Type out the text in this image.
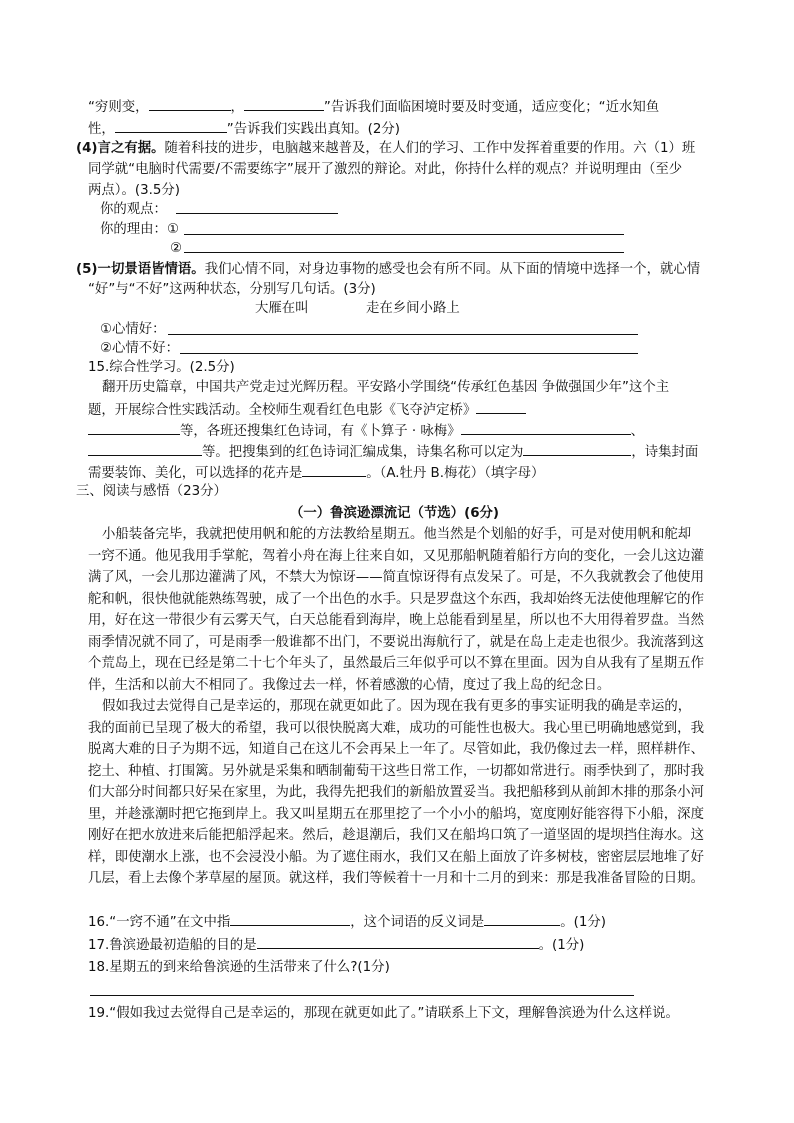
“穷则变，	，	”告诉我们面临困境时要及时变通，适应变化；“近水知鱼
性，	”告诉我们实践出真知。(2分)
(4)言之有据。随着科技的进步，电脑越来越普及，在人们的学习、工作中发挥着重要的作用。六（1）班
同学就“电脑时代需要/不需要练字”展开了激烈的辩论。对此，你持什么样的观点？并说明理由（至少
两点）。(3.5分)
你的观点：
你的理由：①
②
(5)一切景语皆情语。我们心情不同，对身边事物的感受也会有所不同。从下面的情境中选择一个，就心情
“好”与“不好”这两种状态，分别写几句话。(3分)
大雁在叫	走在乡间小路上
①心情好：
②心情不好：
15.综合性学习。(2.5分)
翻开历史篇章，中国共产党走过光辉历程。平安路小学围绕“传承红色基因 争做强国少年”这个主
题，开展综合性实践活动。全校师生观看红色电影《飞夺泸定桥》
等，各班还搜集红色诗词，有《卜算子 · 咏梅》	、
等。把搜集到的红色诗词汇编成集，诗集名称可以定为	，诗集封面
需要装饰、美化，可以选择的花卉是	。（A.牡丹 B.梅花）（填字母）
三、阅读与感悟（23分）
（一）鲁滨逊漂流记（节选）(6分)
小船装备完毕，我就把使用帆和舵的方法教给星期五。他当然是个划船的好手，可是对使用帆和舵却
一窍不通。他见我用手掌舵，驾着小舟在海上往来自如，又见那船帆随着船行方向的变化，一会儿这边灌
满了风，一会儿那边灌满了风，不禁大为惊讶——简直惊讶得有点发呆了。可是，不久我就教会了他使用
舵和帆，很快他就能熟练驾驶，成了一个出色的水手。只是罗盘这个东西，我却始终无法使他理解它的作
用，好在这一带很少有云雾天气，白天总能看到海岸，晚上总能看到星星，所以也不大用得着罗盘。当然
雨季情况就不同了，可是雨季一般谁都不出门，不要说出海航行了，就是在岛上走走也很少。我流落到这
个荒岛上，现在已经是第二十七个年头了，虽然最后三年似乎可以不算在里面。因为自从我有了星期五作
伴，生活和以前大不相同了。我像过去一样，怀着感激的心情，度过了我上岛的纪念日。
假如我过去觉得自己是幸运的，那现在就更如此了。因为现在我有更多的事实证明我的确是幸运的，
我的面前已呈现了极大的希望，我可以很快脱离大难，成功的可能性也极大。我心里已明确地感觉到，我
脱离大难的日子为期不远，知道自己在这儿不会再呆上一年了。尽管如此，我仍像过去一样，照样耕作、
挖土、种植、打围篱。另外就是采集和晒制葡萄干这些日常工作，一切都如常进行。雨季快到了，那时我
们大部分时间都只好呆在家里，为此，我得先把我们的新船放置妥当。我把船移到从前卸木排的那条小河
里，并趁涨潮时把它拖到岸上。我又叫星期五在那里挖了一个小小的船坞，宽度刚好能容得下小船，深度
刚好在把水放进来后能把船浮起来。然后，趁退潮后，我们又在船坞口筑了一道坚固的堤坝挡住海水。这
样，即使潮水上涨，也不会浸没小船。为了遮住雨水，我们又在船上面放了许多树枝，密密层层地堆了好
几层，看上去像个茅草屋的屋顶。就这样，我们等候着十一月和十二月的到来：那是我准备冒险的日期。
16.“一窍不通”在文中指	，这个词语的反义词是	。(1分)
17.鲁滨逊最初造船的目的是	。(1分)
18.星期五的到来给鲁滨逊的生活带来了什么?(1分)
19.“假如我过去觉得自己是幸运的，那现在就更如此了。”请联系上下文，理解鲁滨逊为什么这样说。
